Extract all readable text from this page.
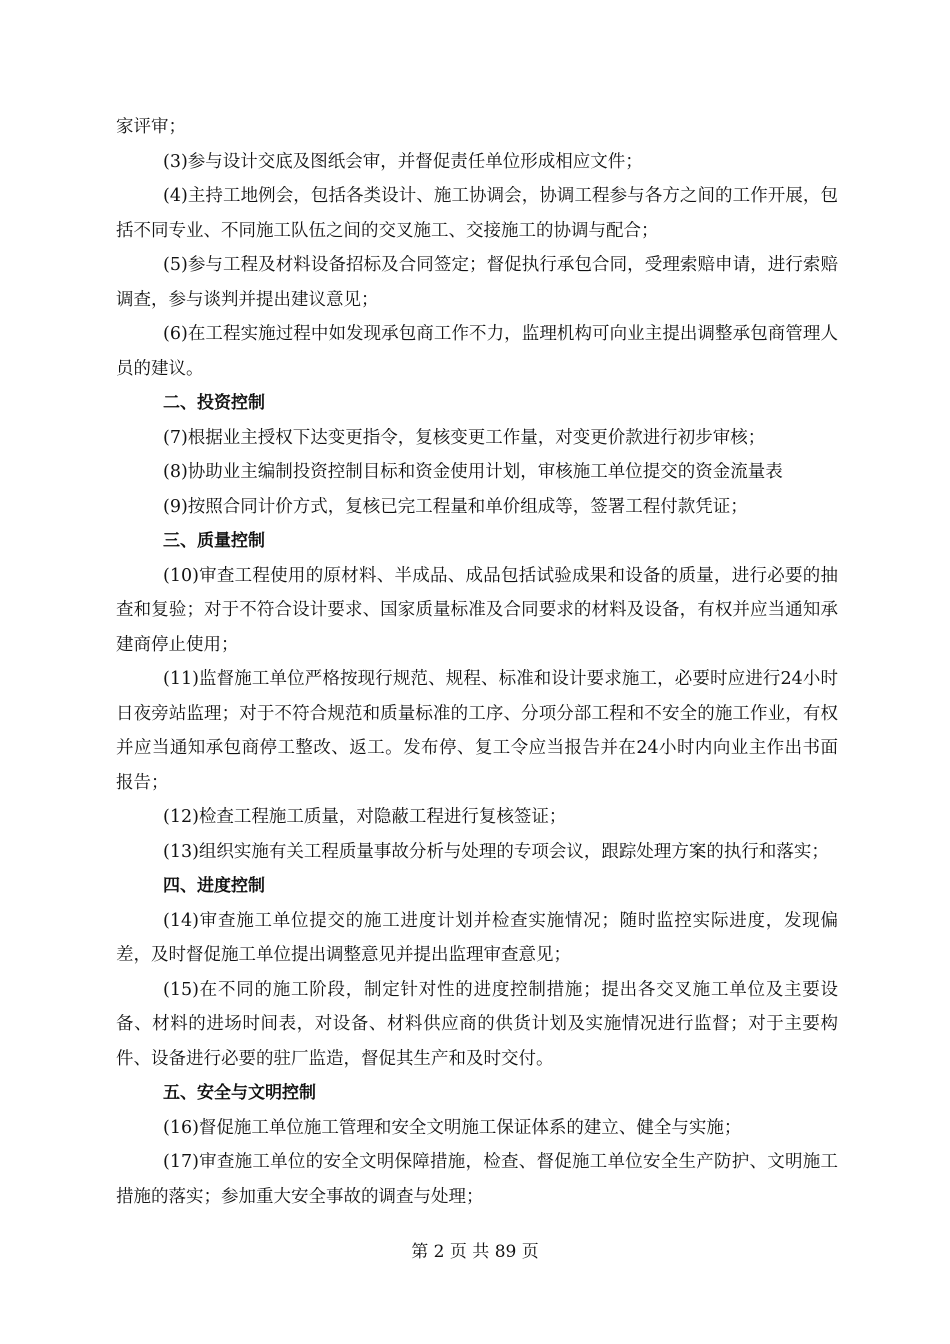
家评审；

(3)参与设计交底及图纸会审，并督促责任单位形成相应文件；

(4)主持工地例会，包括各类设计、施工协调会，协调工程参与各方之间的工作开展，包括不同专业、不同施工队伍之间的交叉施工、交接施工的协调与配合；

(5)参与工程及材料设备招标及合同签定；督促执行承包合同，受理索赔申请，进行索赔调查，参与谈判并提出建议意见；

(6)在工程实施过程中如发现承包商工作不力，监理机构可向业主提出调整承包商管理人员的建议。

二、投资控制

(7)根据业主授权下达变更指令，复核变更工作量，对变更价款进行初步审核；

(8)协助业主编制投资控制目标和资金使用计划，审核施工单位提交的资金流量表

(9)按照合同计价方式，复核已完工程量和单价组成等，签署工程付款凭证；

三、质量控制

(10)审查工程使用的原材料、半成品、成品包括试验成果和设备的质量，进行必要的抽查和复验；对于不符合设计要求、国家质量标准及合同要求的材料及设备，有权并应当通知承建商停止使用；

(11)监督施工单位严格按现行规范、规程、标准和设计要求施工，必要时应进行24小时日夜旁站监理；对于不符合规范和质量标准的工序、分项分部工程和不安全的施工作业，有权并应当通知承包商停工整改、返工。发布停、复工令应当报告并在24小时内向业主作出书面报告；

(12)检查工程施工质量，对隐蔽工程进行复核签证；

(13)组织实施有关工程质量事故分析与处理的专项会议，跟踪处理方案的执行和落实；

四、进度控制

(14)审查施工单位提交的施工进度计划并检查实施情况；随时监控实际进度，发现偏差，及时督促施工单位提出调整意见并提出监理审查意见；

(15)在不同的施工阶段，制定针对性的进度控制措施；提出各交叉施工单位及主要设备、材料的进场时间表，对设备、材料供应商的供货计划及实施情况进行监督；对于主要构件、设备进行必要的驻厂监造，督促其生产和及时交付。

五、安全与文明控制

(16)督促施工单位施工管理和安全文明施工保证体系的建立、健全与实施；

(17)审查施工单位的安全文明保障措施，检查、督促施工单位安全生产防护、文明施工措施的落实；参加重大安全事故的调查与处理；

第 2 页 共 89 页
